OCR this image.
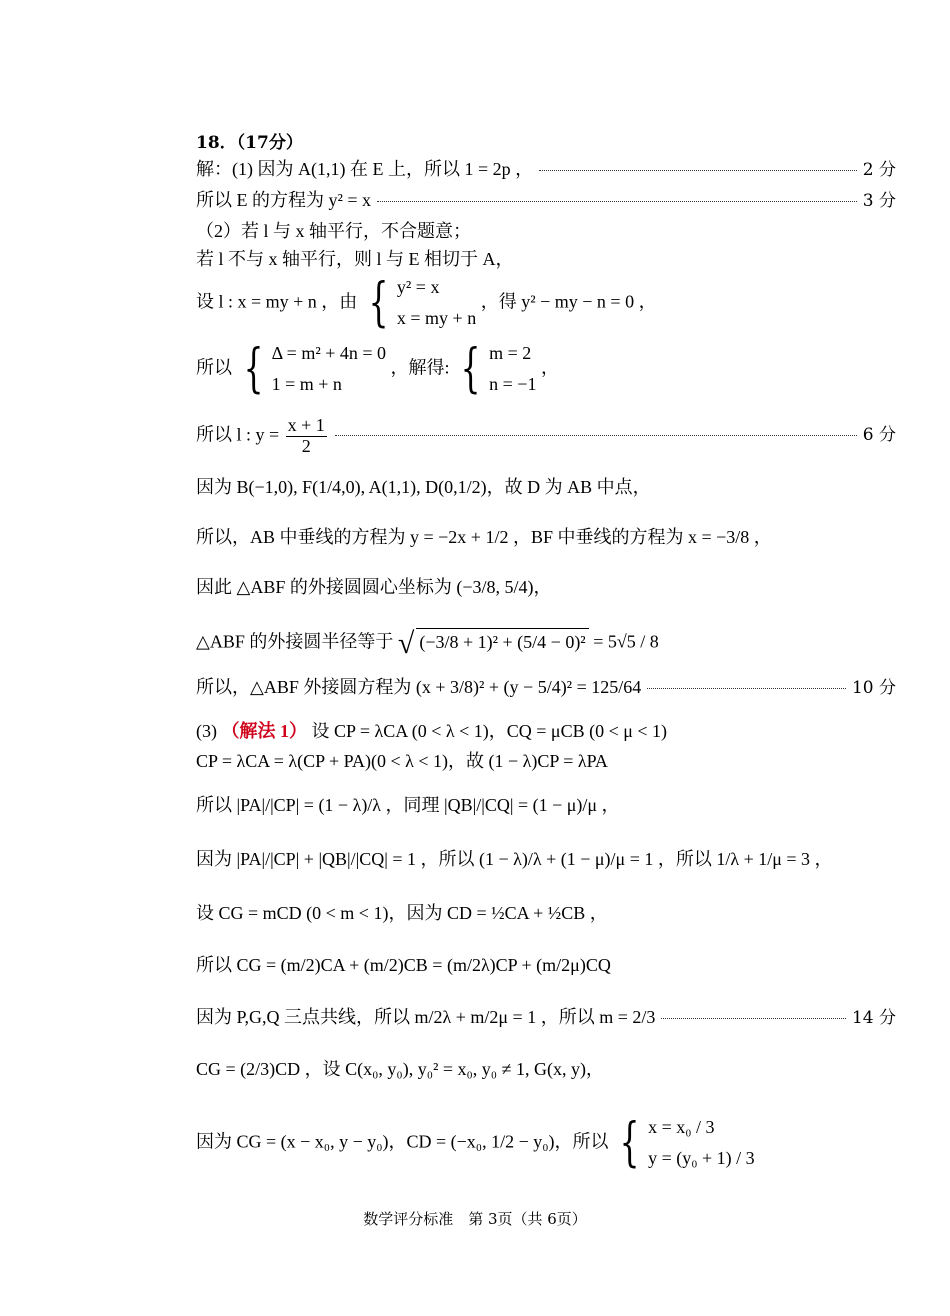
18．（17分）
解：(1) 因为 A(1,1) 在 E 上，所以 1 = 2p ，	2 分
所以 E 的方程为 y² = x	3 分
（2）若 l 与 x 轴平行，不合题意；
若 l 不与 x 轴平行，则 l 与 E 相切于 A，
设 l : x = my + n ，由 { y² = x
x = my + n
，得 y² − my − n = 0 ，
所以 { Δ = m² + 4n = 0
1 = m + n
，解得: { m = 2
n = −1
，
所以 l : $y = \frac{x + 1}{2}$	6 分
因为 B(−1,0), F(1/4,0), A(1,1), D(0,1/2)，故 D 为 AB 中点，
所以，AB 中垂线的方程为 y = −2x + 1/2 ，BF 中垂线的方程为 x = −3/8 ，
因此 △ABF 的外接圆圆心坐标为 (−3/8, 5/4)，
△ABF 的外接圆半径等于 √ (−3/8 + 1)² + (5/4 − 0)² = 5√5 / 8
所以，△ABF 外接圆方程为 (x + 3/8)² + (y − 5/4)² = 125/64	10 分
(3) （解法 1） 设 CP = λCA (0 < λ < 1)，CQ = μCB (0 < μ < 1)
CP = λCA = λ(CP + PA)(0 < λ < 1)，故 (1 − λ)CP = λPA
所以 |PA|/|CP| = (1 − λ)/λ ，同理 |QB|/|CQ| = (1 − μ)/μ ，
因为 |PA|/|CP| + |QB|/|CQ| = 1 ，所以 (1 − λ)/λ + (1 − μ)/μ = 1 ，所以 1/λ + 1/μ = 3 ，
设 CG = mCD (0 < m < 1)，因为 CD = ½CA + ½CB ，
所以 CG = (m/2)CA + (m/2)CB = (m/2λ)CP + (m/2μ)CQ
因为 P,G,Q 三点共线，所以 m/2λ + m/2μ = 1 ，所以 m = 2/3	14 分
CG = (2/3)CD ，设 C(x₀, y₀), y₀² = x₀, y₀ ≠ 1, G(x, y)，
因为 CG = (x − x₀, y − y₀)，CD = (−x₀, 1/2 − y₀)，所以 { x = x₀ / 3
y = (y₀ + 1) / 3
数学评分标准　第 3页（共 6页）
